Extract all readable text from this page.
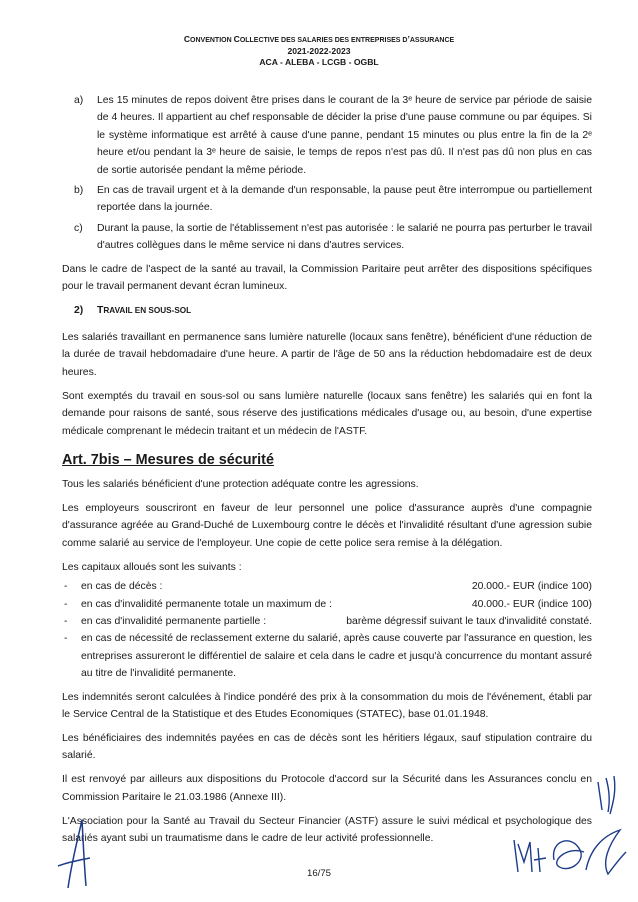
CONVENTION COLLECTIVE DES SALARIES DES ENTREPRISES D’ASSURANCE
2021-2022-2023
ACA - ALEBA - LCGB - OGBL
a)	Les 15 minutes de repos doivent être prises dans le courant de la 3ᵉ heure de service par période de saisie de 4 heures. Il appartient au chef responsable de décider la prise d'une pause commune ou par équipes. Si le système informatique est arrêté à cause d'une panne, pendant 15 minutes ou plus entre la fin de la 2ᵉ heure et/ou pendant la 3ᵉ heure de saisie, le temps de repos n'est pas dû. Il n'est pas dû non plus en cas de sortie autorisée pendant la même période.
b)	En cas de travail urgent et à la demande d'un responsable, la pause peut être interrompue ou partiellement reportée dans la journée.
c)	Durant la pause, la sortie de l'établissement n'est pas autorisée : le salarié ne pourra pas perturber le travail d'autres collègues dans le même service ni dans d'autres services.

Dans le cadre de l'aspect de la santé au travail, la Commission Paritaire peut arrêter des dispositions spécifiques pour le travail permanent devant écran lumineux.

2) TRAVAIL EN SOUS-SOL

Les salariés travaillant en permanence sans lumière naturelle (locaux sans fenêtre), bénéficient d'une réduction de la durée de travail hebdomadaire d'une heure. A partir de l'âge de 50 ans la réduction hebdomadaire est de deux heures.

Sont exemptés du travail en sous-sol ou sans lumière naturelle (locaux sans fenêtre) les salariés qui en font la demande pour raisons de santé, sous réserve des justifications médicales d'usage ou, au besoin, d'une expertise médicale comprenant le médecin traitant et un médecin de l'ASTF.

Art. 7bis – Mesures de sécurité

Tous les salariés bénéficient d'une protection adéquate contre les agressions.

Les employeurs souscriront en faveur de leur personnel une police d'assurance auprès d'une compagnie d'assurance agréée au Grand-Duché de Luxembourg contre le décès et l'invalidité résultant d'une agression subie comme salarié au service de l'employeur. Une copie de cette police sera remise à la délégation.

Les capitaux alloués sont les suivants :

-	en cas de décès :	20.000.- EUR (indice 100)
-	en cas d'invalidité permanente totale un maximum de :	40.000.- EUR (indice 100)
-	en cas d'invalidité permanente partielle :	barème dégressif suivant le taux d'invalidité constaté.
-	en cas de nécessité de reclassement externe du salarié, après cause couverte par l'assurance en question, les entreprises assureront le différentiel de salaire et cela dans le cadre et jusqu'à concurrence du montant assuré au titre de l'invalidité permanente.

Les indemnités seront calculées à l'indice pondéré des prix à la consommation du mois de l'événement, établi par le Service Central de la Statistique et des Etudes Economiques (STATEC), base 01.01.1948.

Les bénéficiaires des indemnités payées en cas de décès sont les héritiers légaux, sauf stipulation contraire du salarié.

Il est renvoyé par ailleurs aux dispositions du Protocole d'accord sur la Sécurité dans les Assurances conclu en Commission Paritaire le 21.03.1986 (Annexe III).

L'Association pour la Santé au Travail du Secteur Financier (ASTF) assure le suivi médical et psychologique des salariés ayant subi un traumatisme dans le cadre de leur activité professionnelle.

16/75
